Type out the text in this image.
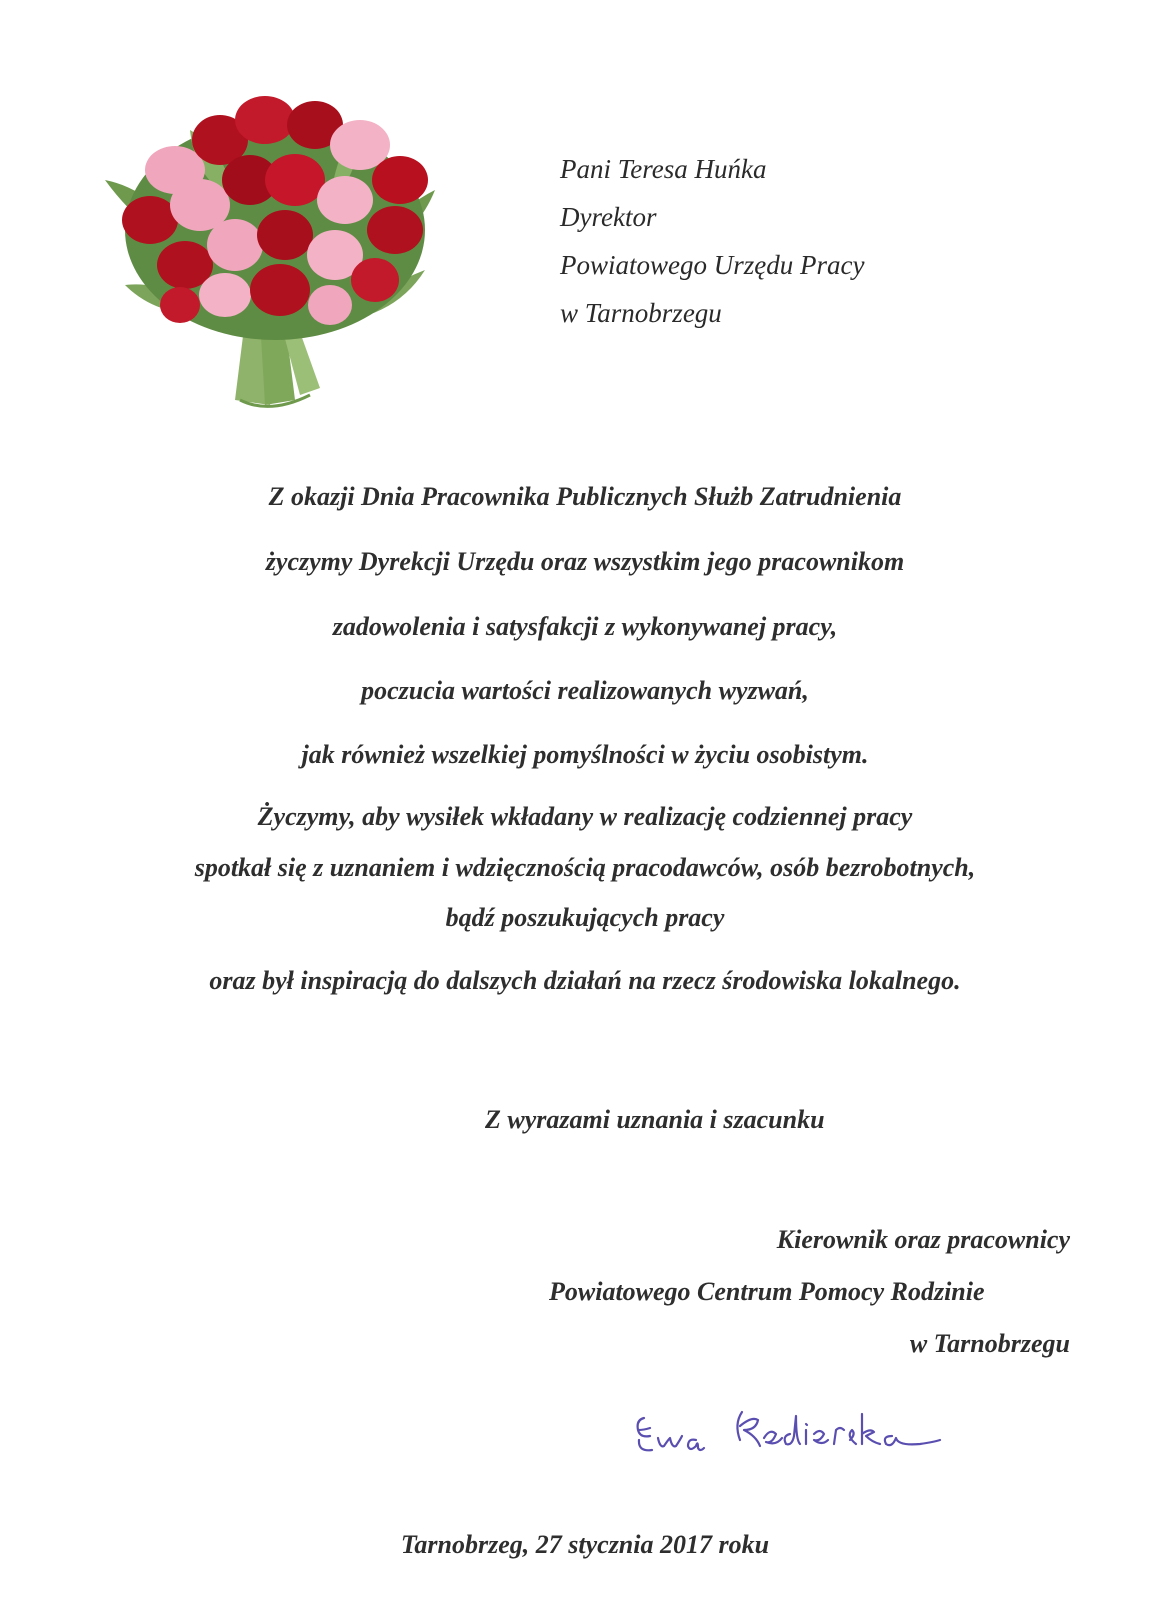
Pani Teresa Huńka
Dyrektor
Powiatowego Urzędu Pracy
w Tarnobrzegu
Z okazji Dnia Pracownika Publicznych Służb Zatrudnienia
życzymy Dyrekcji Urzędu oraz wszystkim jego pracownikom
zadowolenia i satysfakcji z wykonywanej pracy,
poczucia wartości realizowanych wyzwań,
jak również wszelkiej pomyślności w życiu osobistym.
Życzymy, aby wysiłek wkładany w realizację codziennej pracy
spotkał się z uznaniem i wdzięcznością pracodawców, osób bezrobotnych,
bądź poszukujących pracy
oraz był inspiracją do dalszych działań na rzecz środowiska lokalnego.
Z wyrazami uznania i szacunku
Kierownik oraz pracownicy
Powiatowego Centrum Pomocy Rodzinie
w Tarnobrzegu
Tarnobrzeg, 27 stycznia 2017 roku
